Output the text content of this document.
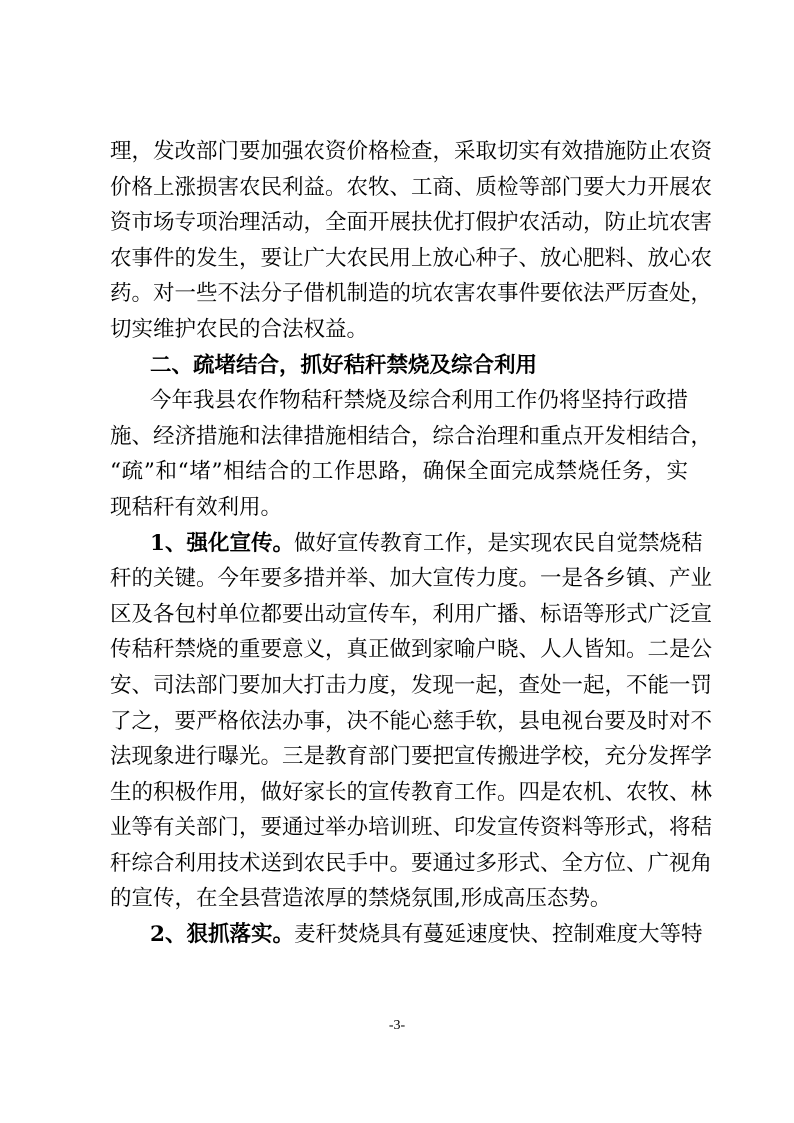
理，发改部门要加强农资价格检查，采取切实有效措施防止农资
价格上涨损害农民利益。农牧、工商、质检等部门要大力开展农
资市场专项治理活动，全面开展扶优打假护农活动，防止坑农害
农事件的发生，要让广大农民用上放心种子、放心肥料、放心农
药。对一些不法分子借机制造的坑农害农事件要依法严厉查处，
切实维护农民的合法权益。
二、疏堵结合，抓好秸秆禁烧及综合利用
今年我县农作物秸秆禁烧及综合利用工作仍将坚持行政措
施、经济措施和法律措施相结合，综合治理和重点开发相结合，
“疏”和“堵”相结合的工作思路，确保全面完成禁烧任务，实
现秸秆有效利用。
1、强化宣传。做好宣传教育工作，是实现农民自觉禁烧秸
秆的关键。今年要多措并举、加大宣传力度。一是各乡镇、产业
区及各包村单位都要出动宣传车，利用广播、标语等形式广泛宣
传秸秆禁烧的重要意义，真正做到家喻户晓、人人皆知。二是公
安、司法部门要加大打击力度，发现一起，查处一起，不能一罚
了之，要严格依法办事，决不能心慈手软，县电视台要及时对不
法现象进行曝光。三是教育部门要把宣传搬进学校，充分发挥学
生的积极作用，做好家长的宣传教育工作。四是农机、农牧、林
业等有关部门，要通过举办培训班、印发宣传资料等形式，将秸
秆综合利用技术送到农民手中。要通过多形式、全方位、广视角
的宣传，在全县营造浓厚的禁烧氛围,形成高压态势。
2、狠抓落实。麦秆焚烧具有蔓延速度快、控制难度大等特
-3-
